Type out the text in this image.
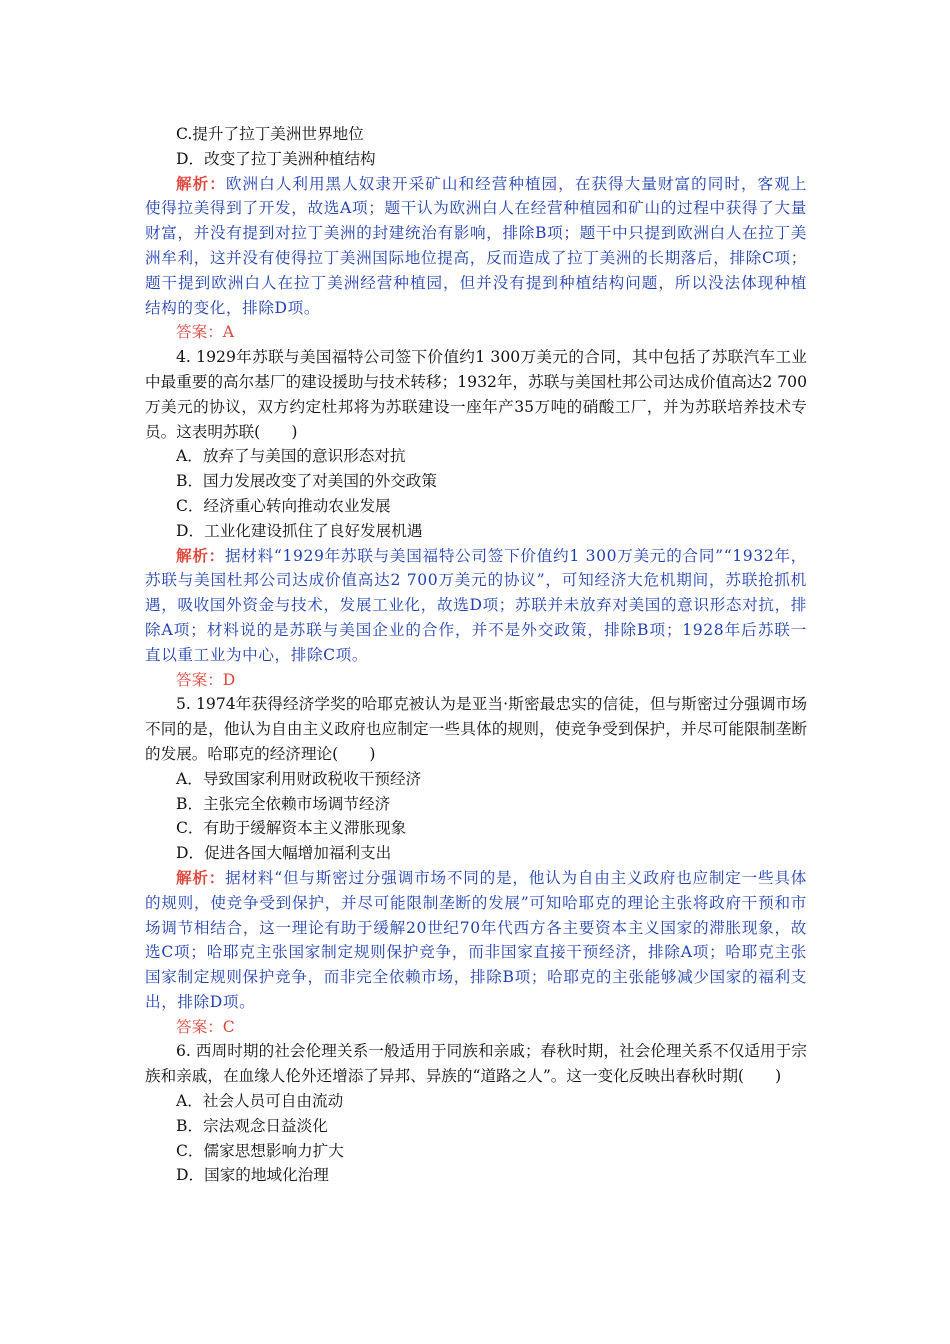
C.提升了拉丁美洲世界地位
D．改变了拉丁美洲种植结构

解析：欧洲白人利用黑人奴隶开采矿山和经营种植园，在获得大量财富的同时，客观上使得拉美得到了开发，故选A项；题干认为欧洲白人在经营种植园和矿山的过程中获得了大量财富，并没有提到对拉丁美洲的封建统治有影响，排除B项；题干中只提到欧洲白人在拉丁美洲牟利，这并没有使得拉丁美洲国际地位提高，反而造成了拉丁美洲的长期落后，排除C项；题干提到欧洲白人在拉丁美洲经营种植园，但并没有提到种植结构问题，所以没法体现种植结构的变化，排除D项。

答案：A

4. 1929年苏联与美国福特公司签下价值约1 300万美元的合同，其中包括了苏联汽车工业中最重要的高尔基厂的建设援助与技术转移；1932年，苏联与美国杜邦公司达成价值高达2 700万美元的协议，双方约定杜邦将为苏联建设一座年产35万吨的硝酸工厂，并为苏联培养技术专员。这表明苏联(　　)

A．放弃了与美国的意识形态对抗
B．国力发展改变了对美国的外交政策
C．经济重心转向推动农业发展
D．工业化建设抓住了良好发展机遇

解析：据材料“1929年苏联与美国福特公司签下价值约1 300万美元的合同”“1932年，苏联与美国杜邦公司达成价值高达2 700万美元的协议”，可知经济大危机期间，苏联抢抓机遇，吸收国外资金与技术，发展工业化，故选D项；苏联并未放弃对美国的意识形态对抗，排除A项；材料说的是苏联与美国企业的合作，并不是外交政策，排除B项；1928年后苏联一直以重工业为中心，排除C项。

答案：D

5. 1974年获得经济学奖的哈耶克被认为是亚当·斯密最忠实的信徒，但与斯密过分强调市场不同的是，他认为自由主义政府也应制定一些具体的规则，使竞争受到保护，并尽可能限制垄断的发展。哈耶克的经济理论(　　)

A．导致国家利用财政税收干预经济
B．主张完全依赖市场调节经济
C．有助于缓解资本主义滞胀现象
D．促进各国大幅增加福利支出

解析：据材料“但与斯密过分强调市场不同的是，他认为自由主义政府也应制定一些具体的规则，使竞争受到保护，并尽可能限制垄断的发展”可知哈耶克的理论主张将政府干预和市场调节相结合，这一理论有助于缓解20世纪70年代西方各主要资本主义国家的滞胀现象，故选C项；哈耶克主张国家制定规则保护竞争，而非国家直接干预经济，排除A项；哈耶克主张国家制定规则保护竞争，而非完全依赖市场，排除B项；哈耶克的主张能够减少国家的福利支出，排除D项。

答案：C

6. 西周时期的社会伦理关系一般适用于同族和亲戚；春秋时期，社会伦理关系不仅适用于宗族和亲戚，在血缘人伦外还增添了异邦、异族的“道路之人”。这一变化反映出春秋时期(　　)

A．社会人员可自由流动
B．宗法观念日益淡化
C．儒家思想影响力扩大
D．国家的地域化治理
